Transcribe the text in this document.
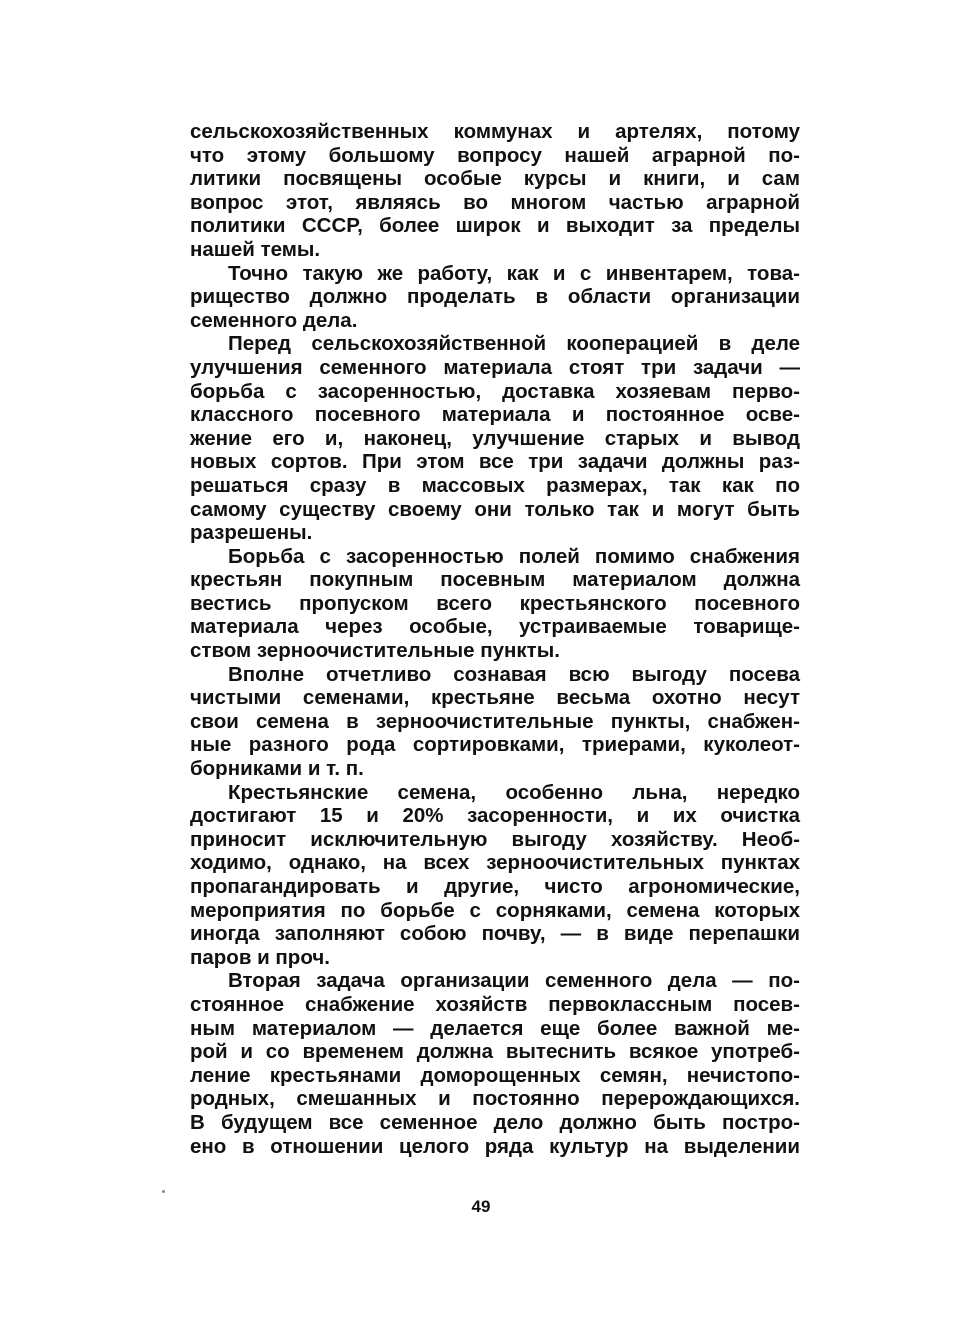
сельскохозяйственных коммунах и артелях, потому
что этому большому вопросу нашей аграрной по-
литики посвящены особые курсы и книги, и сам
вопрос этот, являясь во многом частью аграрной
политики СССР, более широк и выходит за пределы
нашей темы.
Точно такую же работу, как и с инвентарем, това-
рищество должно проделать в области организации
семенного дела.
Перед сельскохозяйственной кооперацией в деле
улучшения семенного материала стоят три задачи —
борьба с засоренностью, доставка хозяевам перво-
классного посевного материала и постоянное осве-
жение его и, наконец, улучшение старых и вывод
новых сортов. При этом все три задачи должны раз-
решаться сразу в массовых размерах, так как по
самому существу своему они только так и могут быть
разрешены.
Борьба с засоренностью полей помимо снабжения
крестьян покупным посевным материалом должна
вестись пропуском всего крестьянского посевного
материала через особые, устраиваемые товарище-
ством зерноочистительные пункты.
Вполне отчетливо сознавая всю выгоду посева
чистыми семенами, крестьяне весьма охотно несут
свои семена в зерноочистительные пункты, снабжен-
ные разного рода сортировками, триерами, куколеот-
борниками и т. п.
Крестьянские семена, особенно льна, нередко
достигают 15 и 20% засоренности, и их очистка
приносит исключительную выгоду хозяйству. Необ-
ходимо, однако, на всех зерноочистительных пунктах
пропагандировать и другие, чисто агрономические,
мероприятия по борьбе с сорняками, семена которых
иногда заполняют собою почву, — в виде перепашки
паров и проч.
Вторая задача организации семенного дела — по-
стоянное снабжение хозяйств первоклассным посев-
ным материалом — делается еще более важной ме-
рой и со временем должна вытеснить всякое употреб-
ление крестьянами доморощенных семян, нечистопо-
родных, смешанных и постоянно перерождающихся.
В будущем все семенное дело должно быть постро-
ено в отношении целого ряда культур на выделении
49
